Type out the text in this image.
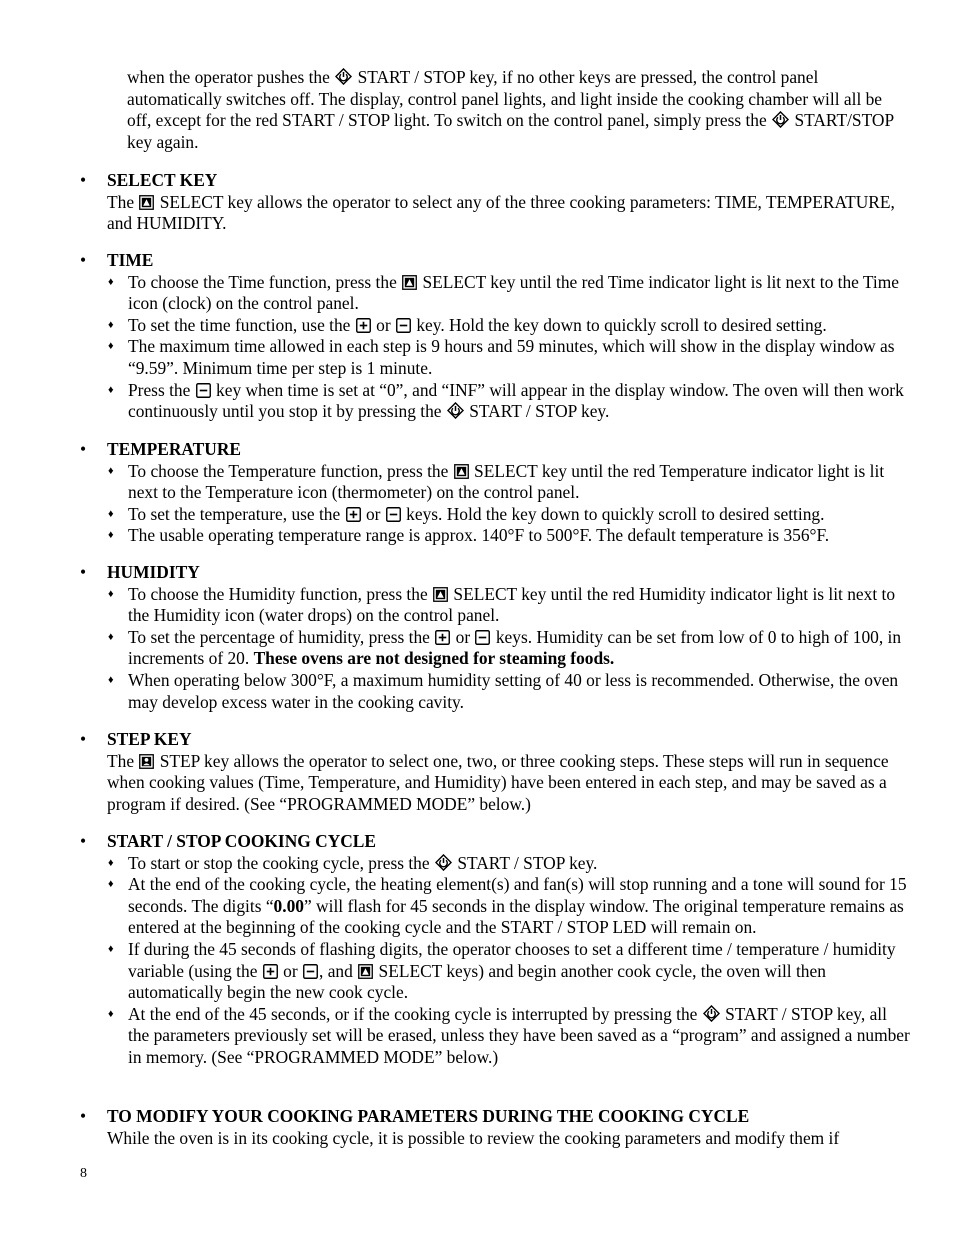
when the operator pushes the START / STOP key, if no other keys are pressed, the control panel automatically switches off. The display, control panel lights, and light inside the cooking chamber will all be off, except for the red START / STOP light. To switch on the control panel, simply press the START/STOP key again.
• SELECT KEY
The SELECT key allows the operator to select any of the three cooking parameters: TIME, TEMPERATURE, and HUMIDITY.
• TIME
♦ To choose the Time function, press the SELECT key until the red Time indicator light is lit next to the Time icon (clock) on the control panel.
♦ To set the time function, use the or key. Hold the key down to quickly scroll to desired setting.
♦ The maximum time allowed in each step is 9 hours and 59 minutes, which will show in the display window as “9.59”. Minimum time per step is 1 minute.
♦ Press the key when time is set at “0”, and “INF” will appear in the display window. The oven will then work continuously until you stop it by pressing the START / STOP key.
• TEMPERATURE
♦ To choose the Temperature function, press the SELECT key until the red Temperature indicator light is lit next to the Temperature icon (thermometer) on the control panel.
♦ To set the temperature, use the or keys. Hold the key down to quickly scroll to desired setting.
♦ The usable operating temperature range is approx. 140°F to 500°F. The default temperature is 356°F.
• HUMIDITY
♦ To choose the Humidity function, press the SELECT key until the red Humidity indicator light is lit next to the Humidity icon (water drops) on the control panel.
♦ To set the percentage of humidity, press the or keys. Humidity can be set from low of 0 to high of 100, in increments of 20. These ovens are not designed for steaming foods.
♦ When operating below 300°F, a maximum humidity setting of 40 or less is recommended. Otherwise, the oven may develop excess water in the cooking cavity.
• STEP KEY
The STEP key allows the operator to select one, two, or three cooking steps. These steps will run in sequence when cooking values (Time, Temperature, and Humidity) have been entered in each step, and may be saved as a program if desired. (See “PROGRAMMED MODE” below.)
• START / STOP COOKING CYCLE
♦ To start or stop the cooking cycle, press the START / STOP key.
♦ At the end of the cooking cycle, the heating element(s) and fan(s) will stop running and a tone will sound for 15 seconds. The digits “0.00” will flash for 45 seconds in the display window. The original temperature remains as entered at the beginning of the cooking cycle and the START / STOP LED will remain on.
♦ If during the 45 seconds of flashing digits, the operator chooses to set a different time / temperature / humidity variable (using the or , and SELECT keys) and begin another cook cycle, the oven will then automatically begin the new cook cycle.
♦ At the end of the 45 seconds, or if the cooking cycle is interrupted by pressing the START / STOP key, all the parameters previously set will be erased, unless they have been saved as a “program” and assigned a number in memory. (See “PROGRAMMED MODE” below.)
• TO MODIFY YOUR COOKING PARAMETERS DURING THE COOKING CYCLE
While the oven is in its cooking cycle, it is possible to review the cooking parameters and modify them if
8
